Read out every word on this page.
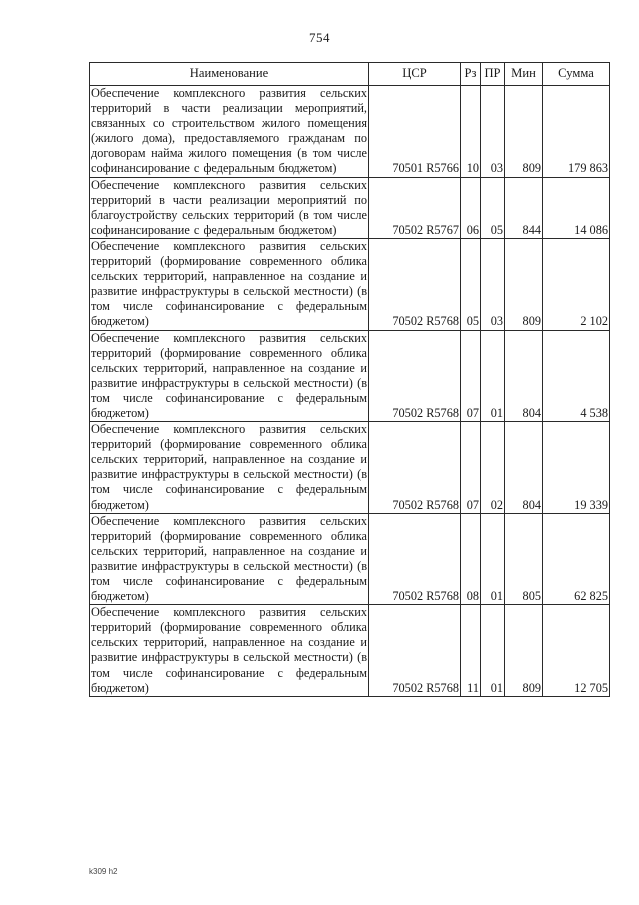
754
Наименование	ЦСР	Рз	ПР	Мин	Сумма
Обеспечение комплексного развития сельских территорий в части реализации мероприятий, связанных со строительством жилого помещения (жилого дома), предоставляемого гражданам по договорам найма жилого помещения (в том числе софинансирование с федеральным бюджетом)	70501 R5766	10	03	809	179 863
Обеспечение комплексного развития сельских территорий в части реализации мероприятий по благоустройству сельских территорий (в том числе софинансирование с федеральным бюджетом)	70502 R5767	06	05	844	14 086
Обеспечение комплексного развития сельских территорий (формирование современного облика сельских территорий, направленное на создание и развитие инфраструктуры в сельской местности) (в том числе софинансирование с федеральным бюджетом)	70502 R5768	05	03	809	2 102
Обеспечение комплексного развития сельских территорий (формирование современного облика сельских территорий, направленное на создание и развитие инфраструктуры в сельской местности) (в том числе софинансирование с федеральным бюджетом)	70502 R5768	07	01	804	4 538
Обеспечение комплексного развития сельских территорий (формирование современного облика сельских территорий, направленное на создание и развитие инфраструктуры в сельской местности) (в том числе софинансирование с федеральным бюджетом)	70502 R5768	07	02	804	19 339
Обеспечение комплексного развития сельских территорий (формирование современного облика сельских территорий, направленное на создание и развитие инфраструктуры в сельской местности) (в том числе софинансирование с федеральным бюджетом)	70502 R5768	08	01	805	62 825
Обеспечение комплексного развития сельских территорий (формирование современного облика сельских территорий, направленное на создание и развитие инфраструктуры в сельской местности) (в том числе софинансирование с федеральным бюджетом)	70502 R5768	11	01	809	12 705
k309 h2
